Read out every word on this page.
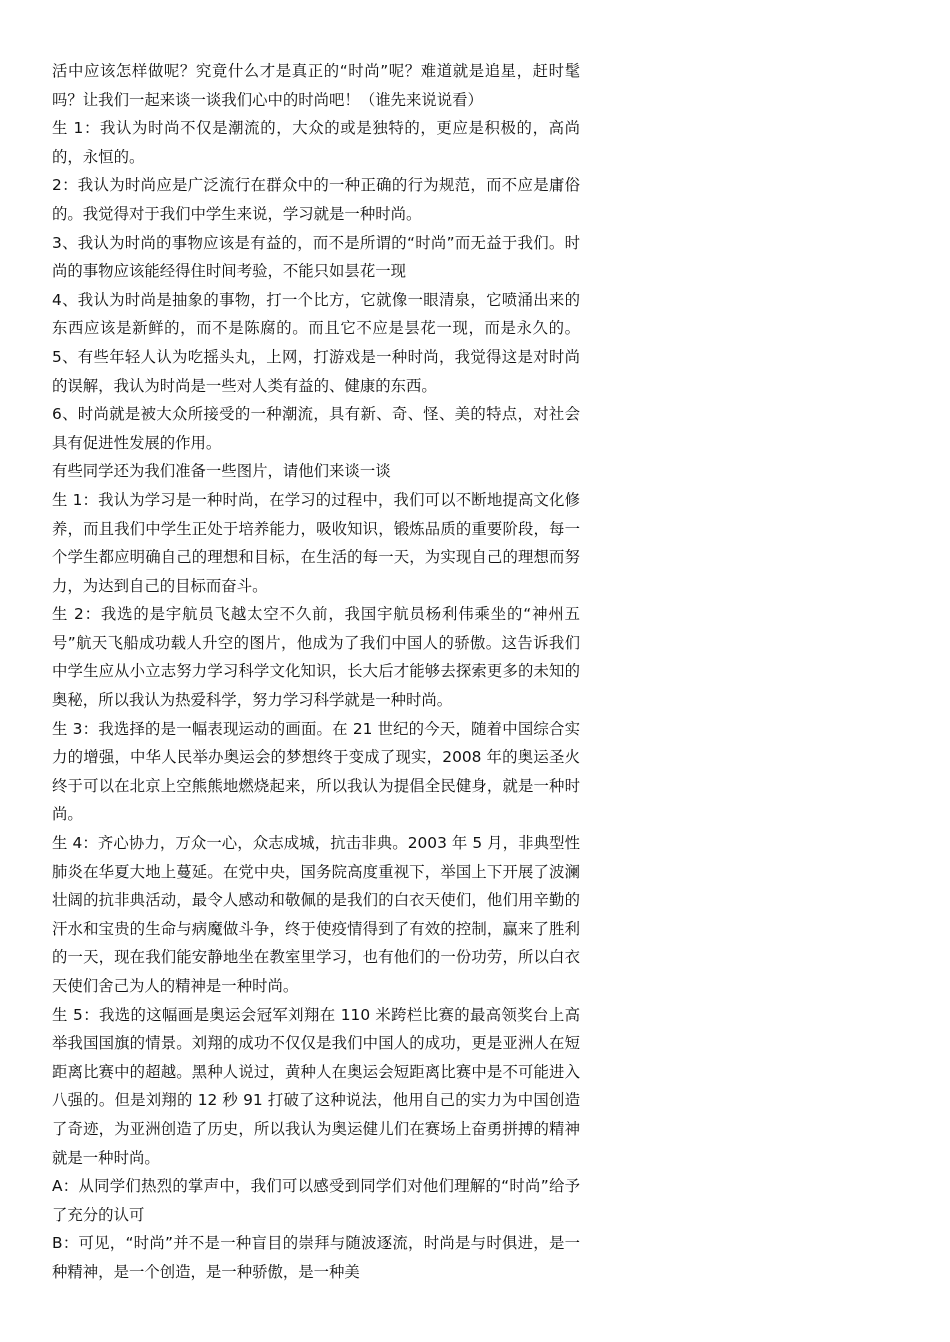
活中应该怎样做呢？究竟什么才是真正的“时尚”呢？难道就是追星，赶时髦吗？让我们一起来谈一谈我们心中的时尚吧！（谁先来说说看）

生 1：我认为时尚不仅是潮流的，大众的或是独特的，更应是积极的，高尚的，永恒的。

2：我认为时尚应是广泛流行在群众中的一种正确的行为规范，而不应是庸俗的。我觉得对于我们中学生来说，学习就是一种时尚。

3、我认为时尚的事物应该是有益的，而不是所谓的“时尚”而无益于我们。时尚的事物应该能经得住时间考验，不能只如昙花一现

4、我认为时尚是抽象的事物，打一个比方，它就像一眼清泉，它喷涌出来的东西应该是新鲜的，而不是陈腐的。而且它不应是昙花一现，而是永久的。5、有些年轻人认为吃摇头丸，上网，打游戏是一种时尚，我觉得这是对时尚的误解，我认为时尚是一些对人类有益的、健康的东西。

6、时尚就是被大众所接受的一种潮流，具有新、奇、怪、美的特点，对社会具有促进性发展的作用。

有些同学还为我们准备一些图片，请他们来谈一谈

生 1：我认为学习是一种时尚，在学习的过程中，我们可以不断地提高文化修养，而且我们中学生正处于培养能力，吸收知识，锻炼品质的重要阶段，每一个学生都应明确自己的理想和目标，在生活的每一天，为实现自己的理想而努力，为达到自己的目标而奋斗。

生 2：我选的是宇航员飞越太空不久前，我国宇航员杨利伟乘坐的“神州五号”航天飞船成功载人升空的图片，他成为了我们中国人的骄傲。这告诉我们中学生应从小立志努力学习科学文化知识，长大后才能够去探索更多的未知的奥秘，所以我认为热爱科学，努力学习科学就是一种时尚。

生 3：我选择的是一幅表现运动的画面。在 21 世纪的今天，随着中国综合实力的增强，中华人民举办奥运会的梦想终于变成了现实，2008 年的奥运圣火终于可以在北京上空熊熊地燃烧起来，所以我认为提倡全民健身，就是一种时尚。

生 4：齐心协力，万众一心，众志成城，抗击非典。2003 年 5 月，非典型性肺炎在华夏大地上蔓延。在党中央，国务院高度重视下，举国上下开展了波澜壮阔的抗非典活动，最令人感动和敬佩的是我们的白衣天使们，他们用辛勤的汗水和宝贵的生命与病魔做斗争，终于使疫情得到了有效的控制，赢来了胜利的一天，现在我们能安静地坐在教室里学习，也有他们的一份功劳，所以白衣天使们舍己为人的精神是一种时尚。

生 5：我选的这幅画是奥运会冠军刘翔在 110 米跨栏比赛的最高领奖台上高举我国国旗的情景。刘翔的成功不仅仅是我们中国人的成功，更是亚洲人在短距离比赛中的超越。黑种人说过，黄种人在奥运会短距离比赛中是不可能进入八强的。但是刘翔的 12 秒 91 打破了这种说法，他用自己的实力为中国创造了奇迹，为亚洲创造了历史，所以我认为奥运健儿们在赛场上奋勇拼搏的精神就是一种时尚。

A：从同学们热烈的掌声中，我们可以感受到同学们对他们理解的“时尚”给予了充分的认可

B：可见，“时尚”并不是一种盲目的崇拜与随波逐流，时尚是与时俱进，是一种精神，是一个创造，是一种骄傲，是一种美
